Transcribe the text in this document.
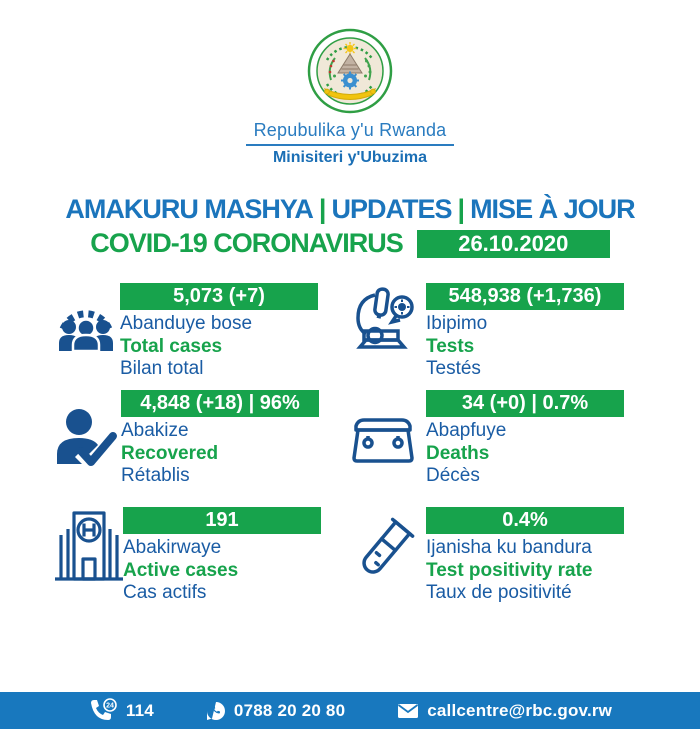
Repubulika y'u Rwanda
Minisiteri y'Ubuzima
AMAKURU MASHYA | UPDATES | MISE À JOUR
COVID-19 CORONAVIRUS	26.10.2020
5,073 (+7)
Abanduye bose
Total cases
Bilan total
548,938 (+1,736)
Ibipimo
Tests
Testés
4,848 (+18) | 96%
Abakize
Recovered
Rétablis
34 (+0) | 0.7%
Abapfuye
Deaths
Décès
191
Abakirwaye
Active cases
Cas actifs
0.4%
Ijanisha ku bandura
Test positivity rate
Taux de positivité
24 114	0788 20 20 80	callcentre@rbc.gov.rw
